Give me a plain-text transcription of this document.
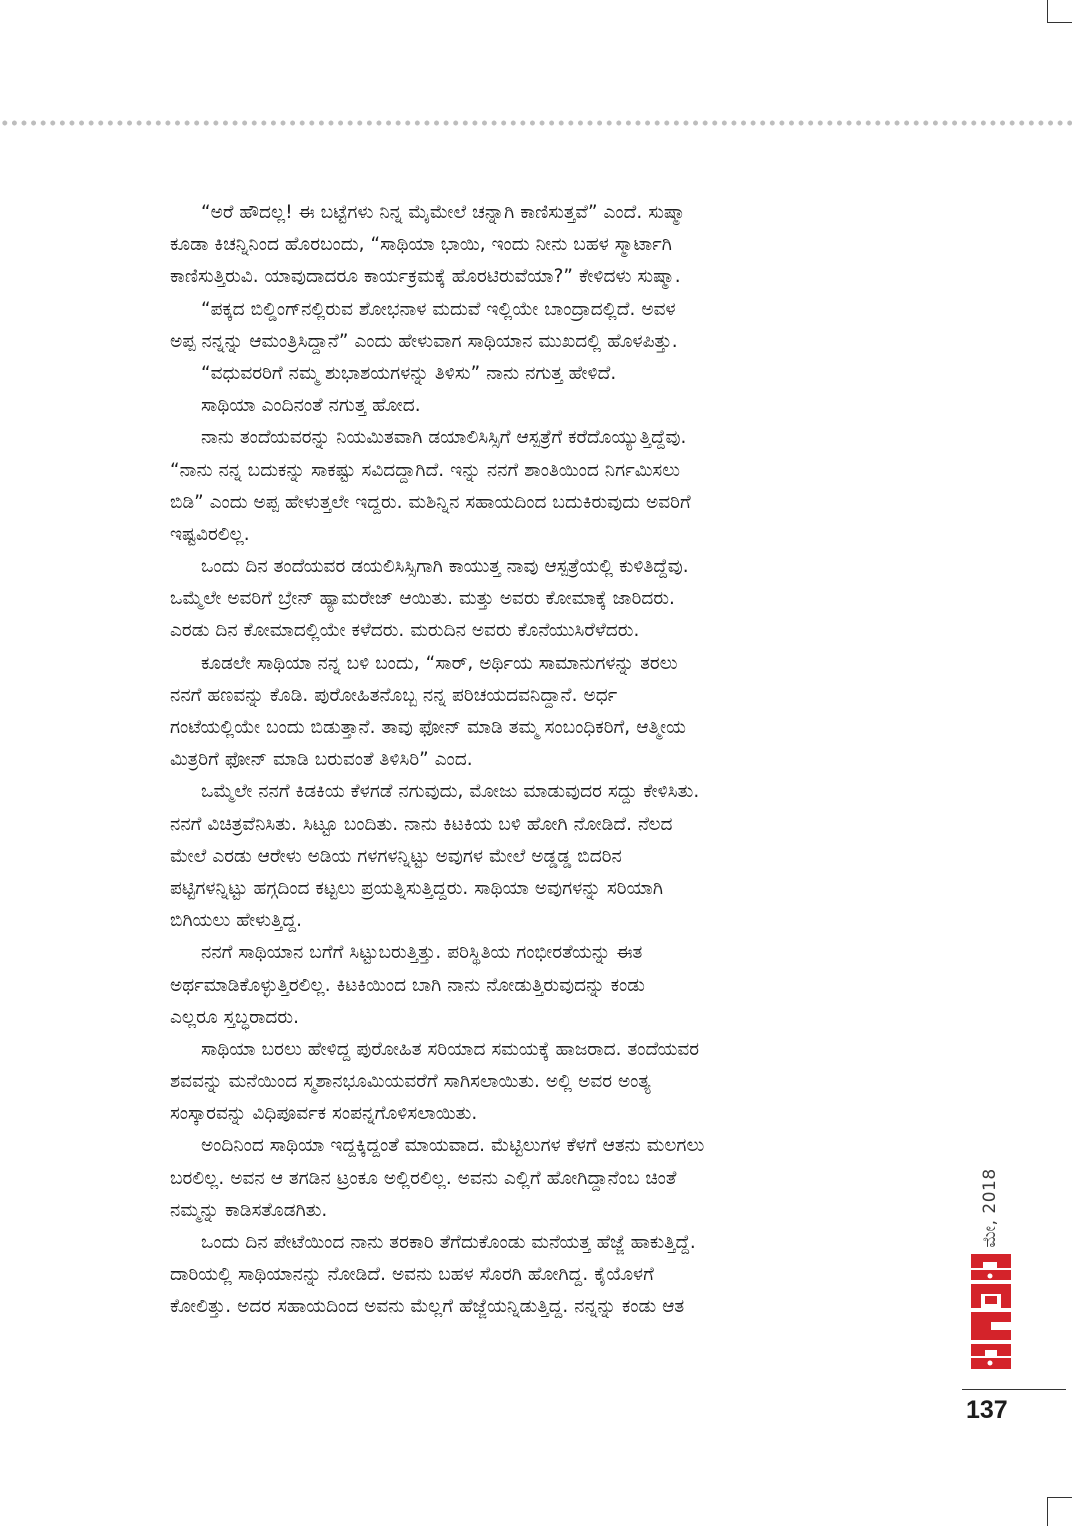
“ಅರೆ ಹೌದಲ್ಲ! ಈ ಬಟ್ಟೆಗಳು ನಿನ್ನ ಮೈಮೇಲೆ ಚನ್ನಾಗಿ ಕಾಣಿಸುತ್ತವೆ” ಎಂದೆ. ಸುಷ್ಮಾ
ಕೂಡಾ ಕಿಚನ್ನಿನಿಂದ ಹೊರಬಂದು, “ಸಾಥಿಯಾ ಭಾಯಿ, ಇಂದು ನೀನು ಬಹಳ ಸ್ಮಾರ್ಟಾಗಿ
ಕಾಣಿಸುತ್ತಿರುವಿ. ಯಾವುದಾದರೂ ಕಾರ್ಯಕ್ರಮಕ್ಕೆ ಹೊರಟಿರುವೆಯಾ?” ಕೇಳಿದಳು ಸುಷ್ಮಾ.
“ಪಕ್ಕದ ಬಿಲ್ಡಿಂಗ್‌ನಲ್ಲಿರುವ ಶೋಭನಾಳ ಮದುವೆ ಇಲ್ಲಿಯೇ ಬಾಂದ್ರಾದಲ್ಲಿದೆ. ಅವಳ
ಅಪ್ಪ ನನ್ನನ್ನು ಆಮಂತ್ರಿಸಿದ್ದಾನೆ” ಎಂದು ಹೇಳುವಾಗ ಸಾಥಿಯಾನ ಮುಖದಲ್ಲಿ ಹೊಳಪಿತ್ತು.
“ವಧುವರರಿಗೆ ನಮ್ಮ ಶುಭಾಶಯಗಳನ್ನು ತಿಳಿಸು” ನಾನು ನಗುತ್ತ ಹೇಳಿದೆ.
ಸಾಥಿಯಾ ಎಂದಿನಂತೆ ನಗುತ್ತ ಹೋದ.
ನಾನು ತಂದೆಯವರನ್ನು ನಿಯಮಿತವಾಗಿ ಡಯಾಲಿಸಿಸ್ಸಿಗೆ ಆಸ್ಪತ್ರೆಗೆ ಕರೆದೊಯ್ಯುತ್ತಿದ್ದೆವು.
“ನಾನು ನನ್ನ ಬದುಕನ್ನು ಸಾಕಷ್ಟು ಸವಿದದ್ದಾಗಿದೆ. ಇನ್ನು ನನಗೆ ಶಾಂತಿಯಿಂದ ನಿರ್ಗಮಿಸಲು
ಬಿಡಿ” ಎಂದು ಅಪ್ಪ ಹೇಳುತ್ತಲೇ ಇದ್ದರು. ಮಶಿನ್ನಿನ ಸಹಾಯದಿಂದ ಬದುಕಿರುವುದು ಅವರಿಗೆ
ಇಷ್ಟವಿರಲಿಲ್ಲ.
ಒಂದು ದಿನ ತಂದೆಯವರ ಡಯಲಿಸಿಸ್ಸಿಗಾಗಿ ಕಾಯುತ್ತ ನಾವು ಆಸ್ಪತ್ರೆಯಲ್ಲಿ ಕುಳಿತಿದ್ದೆವು.
ಒಮ್ಮೆಲೇ ಅವರಿಗೆ ಬ್ರೇನ್ ಹ್ಯಾಮರೇಜ್ ಆಯಿತು. ಮತ್ತು ಅವರು ಕೋಮಾಕ್ಕೆ ಜಾರಿದರು.
ಎರಡು ದಿನ ಕೋಮಾದಲ್ಲಿಯೇ ಕಳೆದರು. ಮರುದಿನ ಅವರು ಕೊನೆಯುಸಿರೆಳೆದರು.
ಕೂಡಲೇ ಸಾಥಿಯಾ ನನ್ನ ಬಳಿ ಬಂದು, “ಸಾರ್, ಅರ್ಥಿಯ ಸಾಮಾನುಗಳನ್ನು ತರಲು
ನನಗೆ ಹಣವನ್ನು ಕೊಡಿ. ಪುರೋಹಿತನೊಬ್ಬ ನನ್ನ ಪರಿಚಯದವನಿದ್ದಾನೆ. ಅರ್ಧ
ಗಂಟೆಯಲ್ಲಿಯೇ ಬಂದು ಬಿಡುತ್ತಾನೆ. ತಾವು ಫೋನ್ ಮಾಡಿ ತಮ್ಮ ಸಂಬಂಧಿಕರಿಗೆ, ಆತ್ಮೀಯ
ಮಿತ್ರರಿಗೆ ಫೋನ್ ಮಾಡಿ ಬರುವಂತೆ ತಿಳಿಸಿರಿ” ಎಂದ.
ಒಮ್ಮೆಲೇ ನನಗೆ ಕಿಡಕಿಯ ಕೆಳಗಡೆ ನಗುವುದು, ಮೋಜು ಮಾಡುವುದರ ಸದ್ದು ಕೇಳಿಸಿತು.
ನನಗೆ ವಿಚಿತ್ರವೆನಿಸಿತು. ಸಿಟ್ಟೂ ಬಂದಿತು. ನಾನು ಕಿಟಕಿಯ ಬಳಿ ಹೋಗಿ ನೋಡಿದೆ. ನೆಲದ
ಮೇಲೆ ಎರಡು ಆರೇಳು ಅಡಿಯ ಗಳಗಳನ್ನಿಟ್ಟು ಅವುಗಳ ಮೇಲೆ ಅಡ್ಡಡ್ಡ ಬಿದರಿನ
ಪಟ್ಟಿಗಳನ್ನಿಟ್ಟು ಹಗ್ಗದಿಂದ ಕಟ್ಟಲು ಪ್ರಯತ್ನಿಸುತ್ತಿದ್ದರು. ಸಾಥಿಯಾ ಅವುಗಳನ್ನು ಸರಿಯಾಗಿ
ಬಿಗಿಯಲು ಹೇಳುತ್ತಿದ್ದ.
ನನಗೆ ಸಾಥಿಯಾನ ಬಗೆಗೆ ಸಿಟ್ಟುಬರುತ್ತಿತ್ತು. ಪರಿಸ್ಥಿತಿಯ ಗಂಭೀರತೆಯನ್ನು ಈತ
ಅರ್ಥಮಾಡಿಕೊಳ್ಳುತ್ತಿರಲಿಲ್ಲ. ಕಿಟಕಿಯಿಂದ ಬಾಗಿ ನಾನು ನೋಡುತ್ತಿರುವುದನ್ನು ಕಂಡು
ಎಲ್ಲರೂ ಸ್ತಬ್ಧರಾದರು.
ಸಾಥಿಯಾ ಬರಲು ಹೇಳಿದ್ದ ಪುರೋಹಿತ ಸರಿಯಾದ ಸಮಯಕ್ಕೆ ಹಾಜರಾದ. ತಂದೆಯವರ
ಶವವನ್ನು ಮನೆಯಿಂದ ಸ್ಮಶಾನಭೂಮಿಯವರೆಗೆ ಸಾಗಿಸಲಾಯಿತು. ಅಲ್ಲಿ ಅವರ ಅಂತ್ಯ
ಸಂಸ್ಕಾರವನ್ನು ವಿಧಿಪೂರ್ವಕ ಸಂಪನ್ನಗೊಳಿಸಲಾಯಿತು.
ಅಂದಿನಿಂದ ಸಾಥಿಯಾ ಇದ್ದಕ್ಕಿದ್ದಂತೆ ಮಾಯವಾದ. ಮೆಟ್ಟಿಲುಗಳ ಕೆಳಗೆ ಆತನು ಮಲಗಲು
ಬರಲಿಲ್ಲ. ಅವನ ಆ ತಗಡಿನ ಟ್ರಂಕೂ ಅಲ್ಲಿರಲಿಲ್ಲ. ಅವನು ಎಲ್ಲಿಗೆ ಹೋಗಿದ್ದಾನೆಂಬ ಚಿಂತೆ
ನಮ್ಮನ್ನು ಕಾಡಿಸತೊಡಗಿತು.
ಒಂದು ದಿನ ಪೇಟೆಯಿಂದ ನಾನು ತರಕಾರಿ ತೆಗೆದುಕೊಂಡು ಮನೆಯತ್ತ ಹೆಜ್ಜೆ ಹಾಕುತ್ತಿದ್ದೆ.
ದಾರಿಯಲ್ಲಿ ಸಾಥಿಯಾನನ್ನು ನೋಡಿದೆ. ಅವನು ಬಹಳ ಸೊರಗಿ ಹೋಗಿದ್ದ. ಕೈಯೊಳಗೆ
ಕೋಲಿತ್ತು. ಅದರ ಸಹಾಯದಿಂದ ಅವನು ಮೆಲ್ಲಗೆ ಹೆಜ್ಜೆಯನ್ನಿಡುತ್ತಿದ್ದ. ನನ್ನನ್ನು ಕಂಡು ಆತ
ಮೇ, 2018
137
